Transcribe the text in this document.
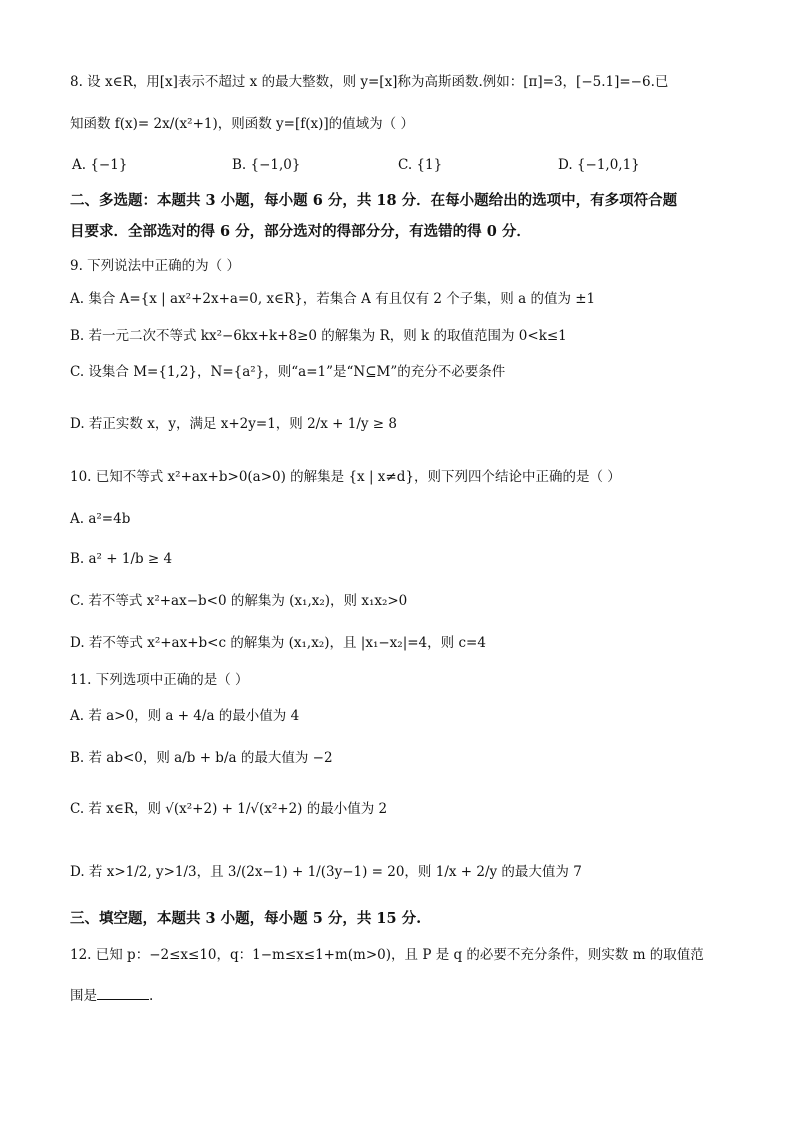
8. 设 x∈R，用[x]表示不超过 x 的最大整数，则 y=[x]称为高斯函数.例如：[π]=3，[−5.1]=−6.已
知函数 f(x)= 2x/(x²+1)，则函数 y=[f(x)]的值域为（ ）
A. {−1}	B. {−1,0}	C. {1}	D. {−1,0,1}
二、多选题：本题共 3 小题，每小题 6 分，共 18 分．在每小题给出的选项中，有多项符合题
目要求．全部选对的得 6 分，部分选对的得部分分，有选错的得 0 分．
9. 下列说法中正确的为（ ）
A. 集合 A={x | ax²+2x+a=0, x∈R}，若集合 A 有且仅有 2 个子集，则 a 的值为 ±1
B. 若一元二次不等式 kx²−6kx+k+8≥0 的解集为 R，则 k 的取值范围为 0<k≤1
C. 设集合 M={1,2}，N={a²}，则“a=1”是“N⊆M”的充分不必要条件
D. 若正实数 x，y，满足 x+2y=1，则 2/x + 1/y ≥ 8
10. 已知不等式 x²+ax+b>0(a>0) 的解集是 {x | x≠d}，则下列四个结论中正确的是（ ）
A. a²=4b
B. a² + 1/b ≥ 4
C. 若不等式 x²+ax−b<0 的解集为 (x₁,x₂)，则 x₁x₂>0
D. 若不等式 x²+ax+b<c 的解集为 (x₁,x₂)，且 |x₁−x₂|=4，则 c=4
11. 下列选项中正确的是（ ）
A. 若 a>0，则 a + 4/a 的最小值为 4
B. 若 ab<0，则 a/b + b/a 的最大值为 −2
C. 若 x∈R，则 √(x²+2) + 1/√(x²+2) 的最小值为 2
D. 若 x>1/2, y>1/3，且 3/(2x−1) + 1/(3y−1) = 20，则 1/x + 2/y 的最大值为 7
三、填空题，本题共 3 小题，每小题 5 分，共 15 分.
12. 已知 p：−2≤x≤10，q：1−m≤x≤1+m(m>0)，且 P 是 q 的必要不充分条件，则实数 m 的取值范
围是	.
